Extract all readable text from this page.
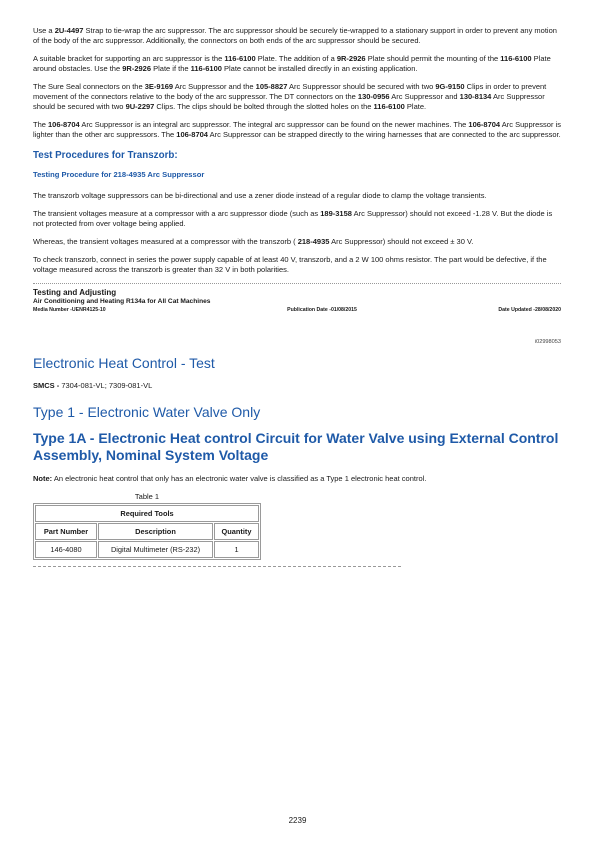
Use a 2U-4497 Strap to tie-wrap the arc suppressor. The arc suppressor should be securely tie-wrapped to a stationary support in order to prevent any motion of the body of the arc suppressor. Additionally, the connectors on both ends of the arc suppressor should be secured.

A suitable bracket for supporting an arc suppressor is the 116-6100 Plate. The addition of a 9R-2926 Plate should permit the mounting of the 116-6100 Plate around obstacles. Use the 9R-2926 Plate if the 116-6100 Plate cannot be installed directly in an existing application.

The Sure Seal connectors on the 3E-9169 Arc Suppressor and the 105-8827 Arc Suppressor should be secured with two 9G-9150 Clips in order to prevent movement of the connectors relative to the body of the arc suppressor. The DT connectors on the 130-0956 Arc Suppressor and 130-8134 Arc Suppressor should be secured with two 9U-2297 Clips. The clips should be bolted through the slotted holes on the 116-6100 Plate.

The 106-8704 Arc Suppressor is an integral arc suppressor. The integral arc suppressor can be found on the newer machines. The 106-8704 Arc Suppressor is lighter than the other arc suppressors. The 106-8704 Arc Suppressor can be strapped directly to the wiring harnesses that are connected to the arc suppressor.

Test Procedures for Transzorb:
Testing Procedure for 218-4935 Arc Suppressor

The transzorb voltage suppressors can be bi-directional and use a zener diode instead of a regular diode to clamp the voltage transients.

The transient voltages measure at a compressor with a arc suppressor diode (such as 189-3158 Arc Suppressor) should not exceed -1.28 V. But the diode is not protected from over voltage being applied.

Whereas, the transient voltages measured at a compressor with the transzorb ( 218-4935 Arc Suppressor) should not exceed ± 30 V.

To check transzorb, connect in series the power supply capable of at least 40 V, transzorb, and a 2 W 100 ohms resistor. The part would be defective, if the voltage measured across the transzorb is greater than 32 V in both polarities.

Testing and Adjusting
Air Conditioning and Heating R134a for All Cat Machines
Media Number -UENR4125-10	Publication Date -01/08/2015	Date Updated -28/08/2020
i02998053
Electronic Heat Control - Test

SMCS - 7304-081-VL; 7309-081-VL

Type 1 - Electronic Water Valve Only
Type 1A - Electronic Heat control Circuit for Water Valve using External Control Assembly, Nominal System Voltage

Note: An electronic heat control that only has an electronic water valve is classified as a Type 1 electronic heat control.

Table 1
Required Tools		
Part Number	Description	Quantity
146-4080	Digital Multimeter (RS-232)	1
2239
